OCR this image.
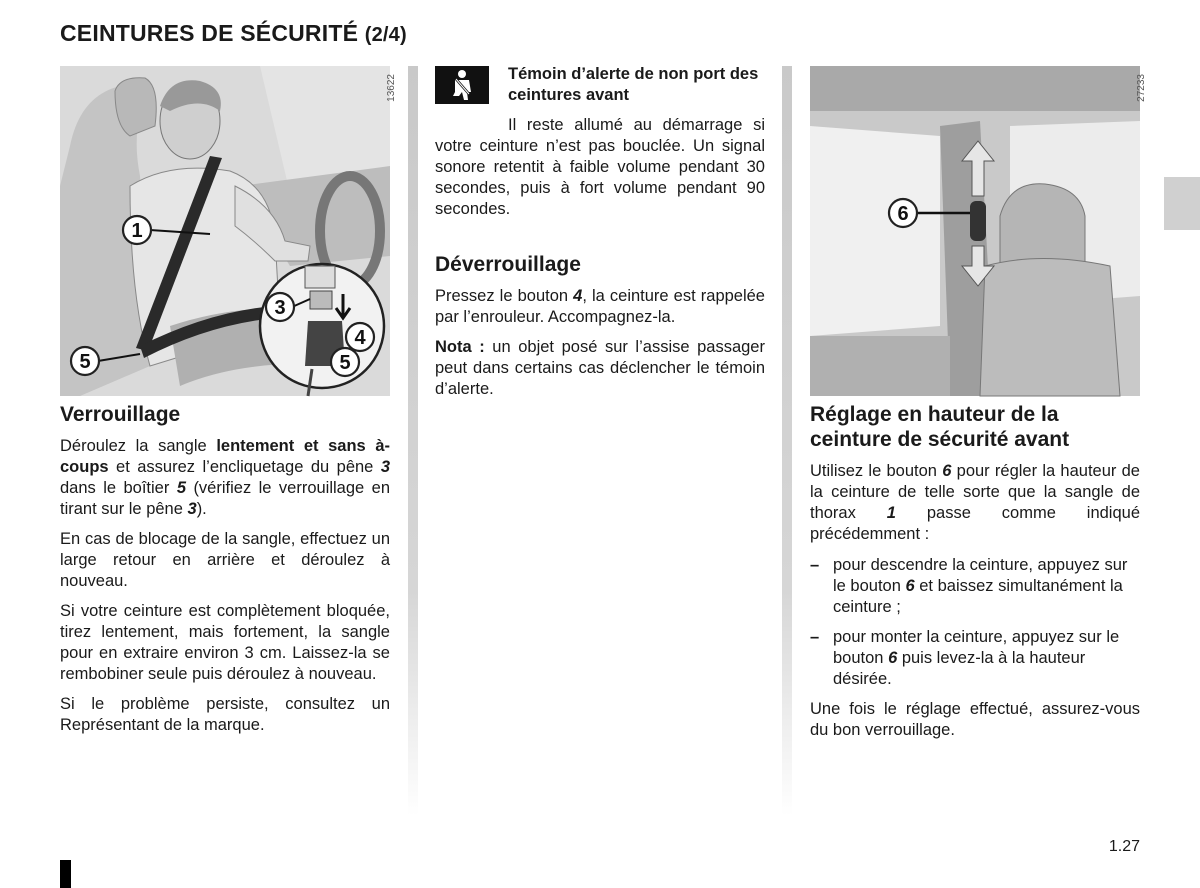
CEINTURES DE SÉCURITÉ (2/4)
1
3
4
5
5
13622
6
27233
Verrouillage

Déroulez la sangle lentement et sans à-coups et assurez l’encliquetage du pêne 3 dans le boîtier 5 (vérifiez le verrouillage en tirant sur le pêne 3).

En cas de blocage de la sangle, effectuez un large retour en arrière et déroulez à nouveau.

Si votre ceinture est complètement bloquée, tirez lentement, mais fortement, la sangle pour en extraire environ 3 cm. Laissez-la se rembobiner seule puis déroulez à nouveau.

Si le problème persiste, consultez un Représentant de la marque.

Témoin d’alerte de non port des ceintures avant

Il reste allumé au démarrage si votre ceinture n’est pas bouclée. Un signal sonore retentit à faible volume pendant 30 secondes, puis à fort volume pendant 90 secondes.

Déverrouillage

Pressez le bouton 4, la ceinture est rappelée par l’enrouleur. Accompagnez-la.

Nota : un objet posé sur l’assise passager peut dans certains cas déclencher le témoin d’alerte.

Réglage en hauteur de la ceinture de sécurité avant

Utilisez le bouton 6 pour régler la hauteur de la ceinture de telle sorte que la sangle de thorax 1 passe comme indiqué précédemment :

– pour descendre la ceinture, appuyez sur le bouton 6 et baissez simultanément la ceinture ;
– pour monter la ceinture, appuyez sur le bouton 6 puis levez-la à la hauteur désirée.

Une fois le réglage effectué, assurez-vous du bon verrouillage.

1.27
